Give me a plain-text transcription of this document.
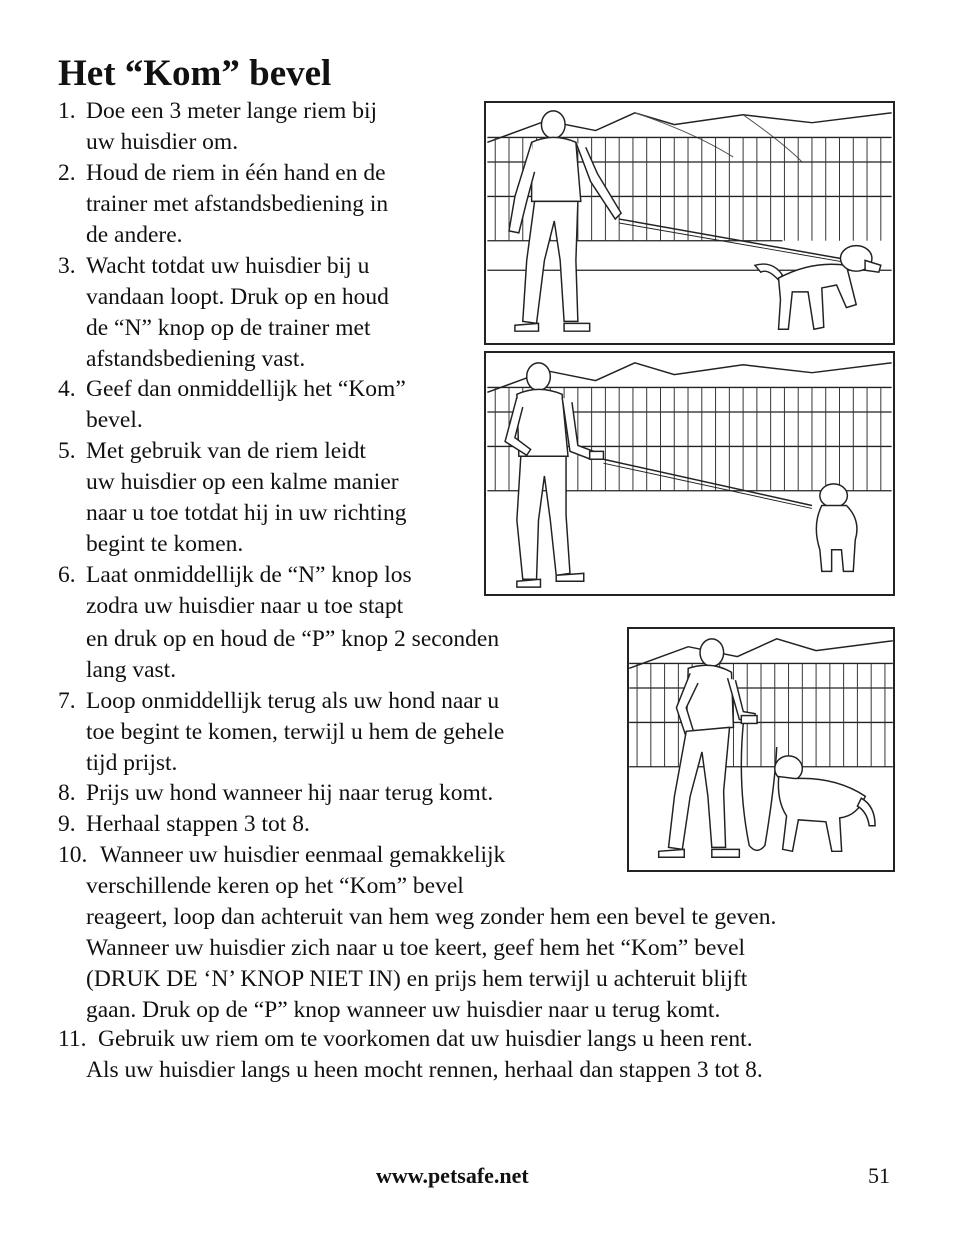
Het “Kom” bevel
1. Doe een 3 meter lange riem bij
uw huisdier om.
2. Houd de riem in één hand en de
trainer met afstandsbediening in
de andere.
3. Wacht totdat uw huisdier bij u
vandaan loopt. Druk op en houd
de “N” knop op de trainer met
afstandsbediening vast.
4. Geef dan onmiddellijk het “Kom”
bevel.
5. Met gebruik van de riem leidt
uw huisdier op een kalme manier
naar u toe totdat hij in uw richting
begint te komen.
6. Laat onmiddellijk de “N” knop los
zodra uw huisdier naar u toe stapt
en druk op en houd de “P” knop 2 seconden
lang vast.
7. Loop onmiddellijk terug als uw hond naar u
toe begint te komen, terwijl u hem de gehele
tijd prijst.
8. Prijs uw hond wanneer hij naar terug komt.
9. Herhaal stappen 3 tot 8.
10. Wanneer uw huisdier eenmaal gemakkelijk
verschillende keren op het “Kom” bevel
reageert, loop dan achteruit van hem weg zonder hem een bevel te geven.
Wanneer uw huisdier zich naar u toe keert, geef hem het “Kom” bevel
(DRUK DE ‘N’ KNOP NIET IN) en prijs hem terwijl u achteruit blijft
gaan. Druk op de “P” knop wanneer uw huisdier naar u terug komt.
11. Gebruik uw riem om te voorkomen dat uw huisdier langs u heen rent.
Als uw huisdier langs u heen mocht rennen, herhaal dan stappen 3 tot 8.
www.petsafe.net	51
